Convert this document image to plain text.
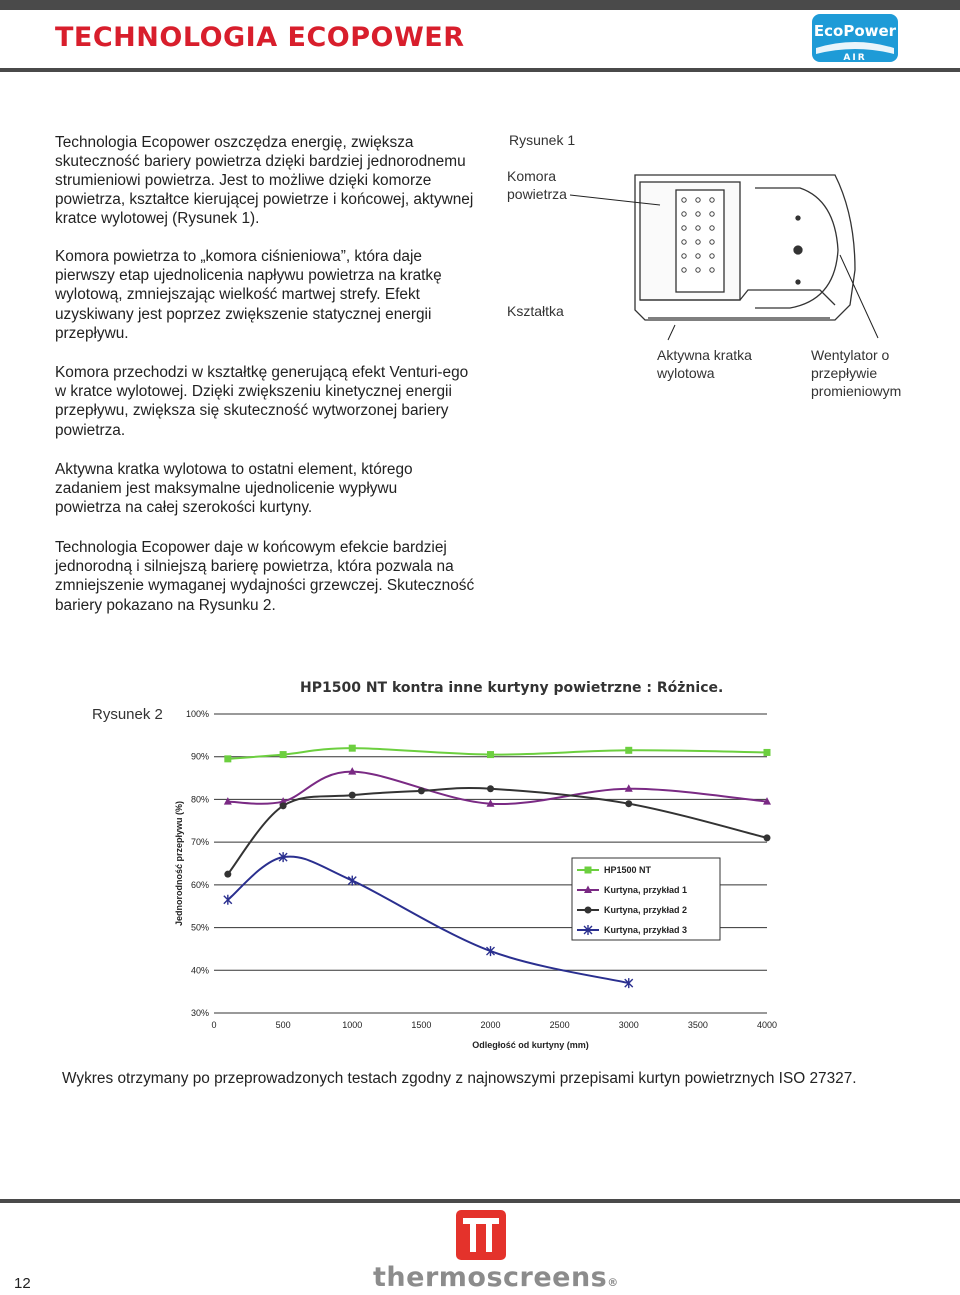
TECHNOLOGIA ECOPOWER	EcoPower
AIR

Technologia Ecopower oszczędza energię, zwiększa skuteczność bariery powietrza dzięki bardziej jednorodnemu strumieniowi powietrza. Jest to możliwe dzięki komorze powietrza, kształtce kierującej powietrze i końcowej, aktywnej kratce wylotowej (Rysunek 1).

Komora powietrza to „komora ciśnieniowa”, która daje pierwszy etap ujednolicenia napływu powietrza na kratkę wylotową, zmniejszając wielkość martwej strefy. Efekt uzyskiwany jest poprzez zwiększenie statycznej energii przepływu.

Komora przechodzi w kształtkę generującą efekt Venturi-ego w kratce wylotowej. Dzięki zwiększeniu kinetycznej energii przepływu, zwiększa się skuteczność wytworzonej bariery powietrza.

Aktywna kratka wylotowa to ostatni element, którego zadaniem jest maksymalne ujednolicenie wypływu powietrza na całej szerokości kurtyny.

Technologia Ecopower daje w końcowym efekcie bardziej jednorodną i silniejszą barierę powietrza, która pozwala na zmniejszenie wymaganej wydajności grzewczej. Skuteczność bariery pokazano na Rysunku 2.

Rysunek 1
Komora powietrza
Kształtka
Aktywna kratka wylotowa
Wentylator o przepływie promieniowym
Rysunek 2
HP1500 NT kontra inne kurtyny powietrzne : Różnice.
30%
40%
50%
60%
70%
80%
90%
100%
0	500	1000	1500	2000	2500	3000	3500	4000
Odległość od kurtyny (mm)
Jednorodność przepływu (%)	HP1500 NT
Kurtyna, przykład 1
Kurtyna, przykład 2
Kurtyna, przykład 3

Wykres otrzymany po przeprowadzonych testach zgodny z najnowszymi przepisami kurtyn powietrznych ISO 27327.

12	thermoscreens®
